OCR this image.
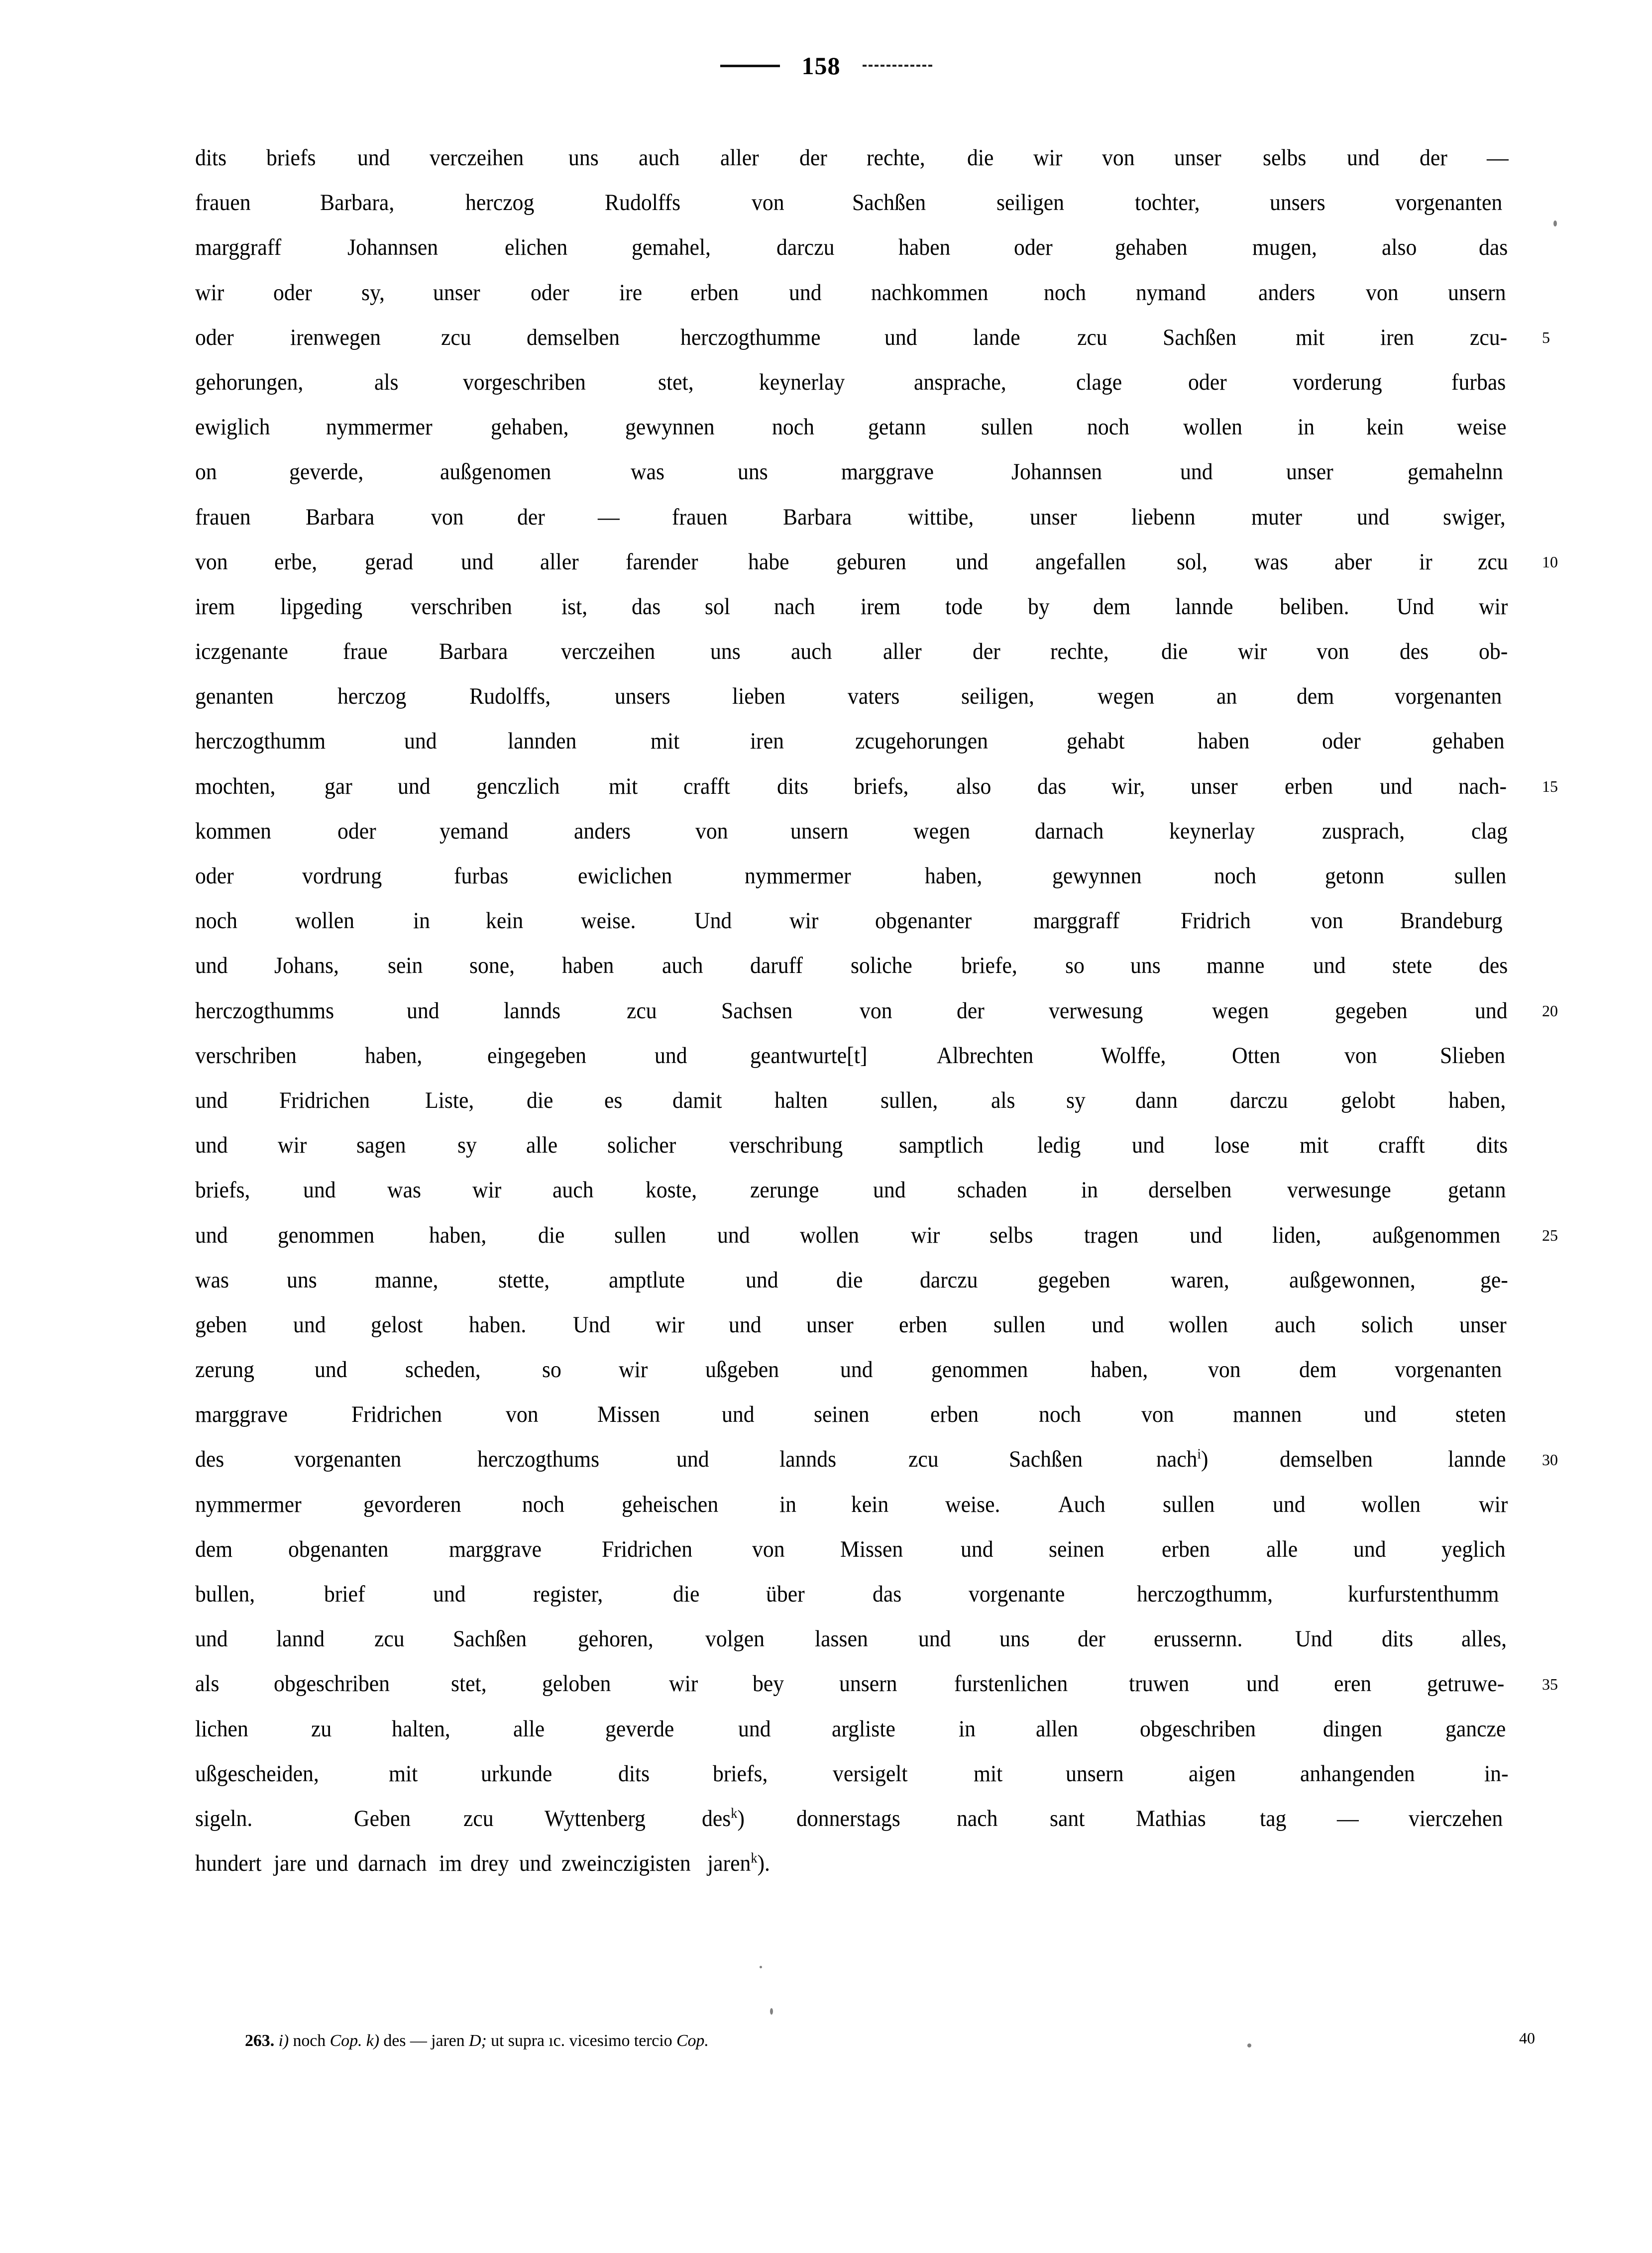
158
dits briefs und verczeihen uns auch aller der rechte, die wir von unser selbs und der —
frauen	Barbara,	herczog	Rudolffs	von	Sachßen	seiligen	tochter,	unsers	vorgenanten
marggraff	Johannsen	elichen	gemahel,	darczu	haben	oder	gehaben	mugen,	also	das
wir oder sy, unser oder ire erben und nachkommen noch nymand anders von unsern
5
oder irenwegen	zcu demselben	herczogthumme	und lande zcu Sachßen	mit iren zcu-
gehorungen,	als	vorgeschriben	stet,	keynerlay	ansprache,	clage	oder	vorderung	furbas
ewiglich nymmermer	gehaben, gewynnen noch getann sullen noch wollen in kein weise
on	geverde,	außgenomen	was	uns	marggrave	Johannsen	und	unser	gemahelnn
frauen Barbara von der — frauen Barbara wittibe, unser liebenn muter und swiger,
10
von erbe, gerad und aller farender habe geburen und angefallen sol, was aber ir zcu
irem lipgeding verschriben ist, das sol nach irem tode by dem lannde beliben. Und wir
iczgenante fraue Barbara verczeihen uns auch aller der rechte, die wir von des ob-
genanten	herczog	Rudolffs,	unsers	lieben	vaters	seiligen,	wegen	an	dem	vorgenanten
herczogthumm	und	lannden	mit	iren	zcugehorungen	gehabt	haben	oder	gehaben
15
mochten, gar und genczlich mit crafft dits briefs, also das wir, unser erben und nach-
kommen	oder	yemand	anders	von	unsern	wegen	darnach	keynerlay	zusprach,	clag
oder	vordrung	furbas	ewiclichen	nymmermer	haben,	gewynnen	noch	getonn	sullen
noch wollen	in kein weise.	Und wir obgenanter	marggraff	Fridrich	von Brandeburg
und Johans, sein sone, haben auch daruff soliche briefe, so uns manne und stete des
20
herczogthumms	und	lannds	zcu	Sachsen	von	der	verwesung	wegen	gegeben	und
verschriben	haben,	eingegeben	und	geantwurte[t]	Albrechten	Wolffe,	Otten	von	Slieben
und Fridrichen Liste, die es damit halten sullen, als sy dann darczu gelobt haben,
und wir sagen sy alle solicher verschribung samptlich ledig und lose mit crafft dits
briefs, und was wir auch koste, zerunge und schaden in derselben verwesunge getann
25
und genommen haben, die sullen und wollen wir selbs tragen und liden, außgenommen
was uns manne,	stette,	amptlute	und die darczu	gegeben	waren,	außgewonnen,	ge-
geben und gelost haben. Und wir und unser erben sullen und wollen auch solich unser
zerung	und scheden,	so wir ußgeben	und genommen	haben,	von dem	vorgenanten
marggrave	Fridrichen	von	Missen	und	seinen	erben	noch	von	mannen	und	steten
30
des	vorgenanten	herczogthums	und	lannds	zcu	Sachßen	nach$^i$)	demselben	lannde
nymmermer	gevorderen	noch geheischen	in kein weise. Auch sullen und wollen wir
dem obgenanten	marggrave	Fridrichen	von Missen und seinen erben alle und yeglich
bullen,	brief	und	register,	die	über	das	vorgenante	herczogthumm,	kurfurstenthumm
und lannd zcu Sachßen gehoren, volgen lassen und uns der erussernn. Und dits alles,
35
als obgeschriben	stet, geloben wir bey unsern furstenlichen	truwen und eren getruwe-
lichen	zu	halten,	alle	geverde	und	argliste	in	allen	obgeschriben	dingen	gancze
ußgescheiden,	mit	urkunde	dits	briefs,	versigelt	mit	unsern	aigen	anhangenden	in-
sigeln.	Geben zcu Wyttenberg des$^k$) donnerstags nach sant Mathias tag — vierczehen
hundert jare und darnach im drey und zweinczigisten jaren$^k$).
263. i) noch Cop. k) des — jaren D; ut supra ıc. vicesimo tercio Cop.	40
